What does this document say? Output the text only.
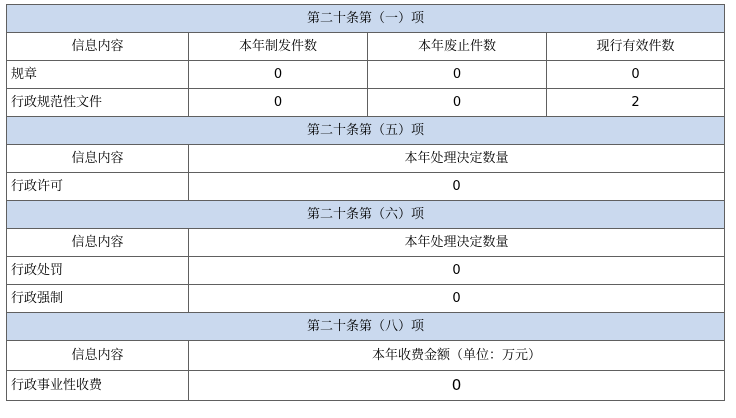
第二十条第（一）项			
信息内容	本年制发件数	本年废止件数	现行有效件数
规章	0	0	0
行政规范性文件	0	0	2
第二十条第（五）项			
信息内容	本年处理决定数量		
行政许可	0		
第二十条第（六）项			
信息内容	本年处理决定数量		
行政处罚	0		
行政强制	0		
第二十条第（八）项			
信息内容	本年收费金额（单位：万元）		
行政事业性收费	0		
